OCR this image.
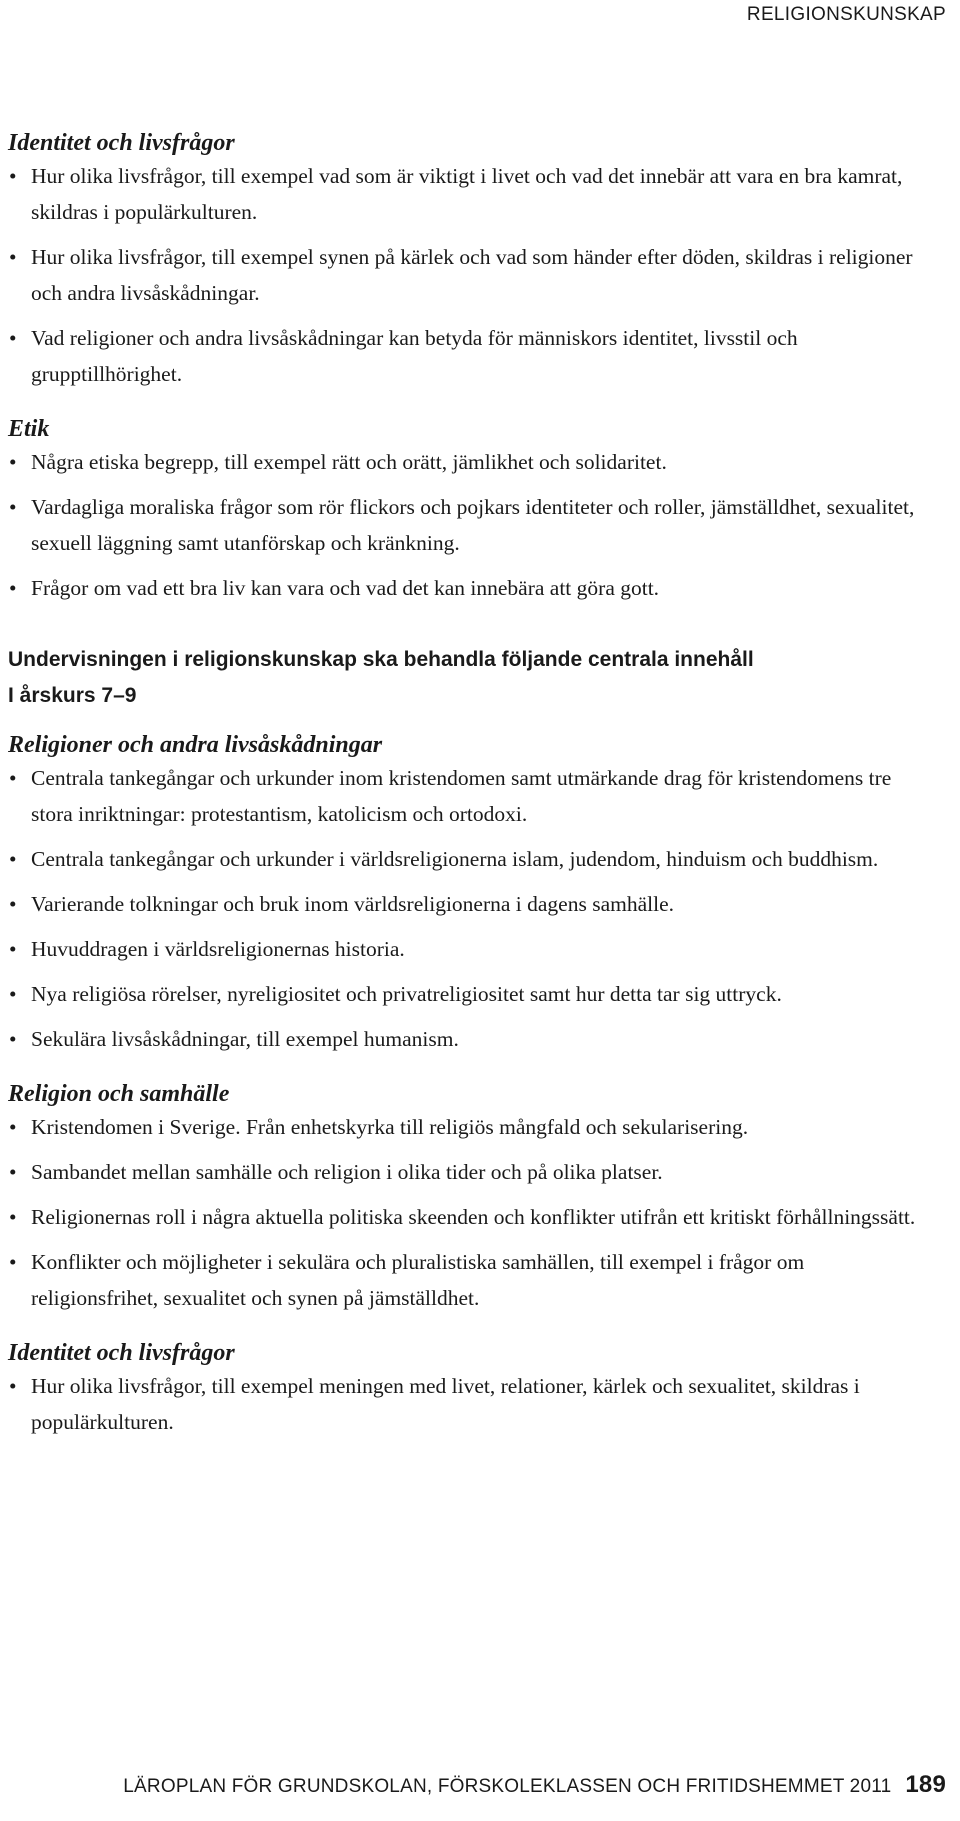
RELIGIONSKUNSKAP
Identitet och livsfrågor
• Hur olika livsfrågor, till exempel vad som är viktigt i livet och vad det innebär att vara en bra kamrat, skildras i populärkulturen.
• Hur olika livsfrågor, till exempel synen på kärlek och vad som händer efter döden, skildras i religioner och andra livsåskådningar.
• Vad religioner och andra livsåskådningar kan betyda för människors identitet, livsstil och grupptillhörighet.
Etik
• Några etiska begrepp, till exempel rätt och orätt, jämlikhet och solidaritet.
• Vardagliga moraliska frågor som rör flickors och pojkars identiteter och roller, jämställdhet, sexualitet, sexuell läggning samt utanförskap och kränkning.
• Frågor om vad ett bra liv kan vara och vad det kan innebära att göra gott.
Undervisningen i religionskunskap ska behandla följande centrala innehåll
I årskurs 7–9
Religioner och andra livsåskådningar
• Centrala tankegångar och urkunder inom kristendomen samt utmärkande drag för kristendomens tre stora inriktningar: protestantism, katolicism och ortodoxi.
• Centrala tankegångar och urkunder i världsreligionerna islam, judendom, hinduism och buddhism.
• Varierande tolkningar och bruk inom världsreligionerna i dagens samhälle.
• Huvuddragen i världsreligionernas historia.
• Nya religiösa rörelser, nyreligiositet och privatreligiositet samt hur detta tar sig uttryck.
• Sekulära livsåskådningar, till exempel humanism.
Religion och samhälle
• Kristendomen i Sverige. Från enhetskyrka till religiös mångfald och sekularisering.
• Sambandet mellan samhälle och religion i olika tider och på olika platser.
• Religionernas roll i några aktuella politiska skeenden och konflikter utifrån ett kritiskt förhållningssätt.
• Konflikter och möjligheter i sekulära och pluralistiska samhällen, till exempel i frågor om religionsfrihet, sexualitet och synen på jämställdhet.
Identitet och livsfrågor
• Hur olika livsfrågor, till exempel meningen med livet, relationer, kärlek och sexualitet, skildras i populärkulturen.
LÄROPLAN FÖR GRUNDSKOLAN, FÖRSKOLEKLASSEN OCH FRITIDSHEMMET 2011 189
